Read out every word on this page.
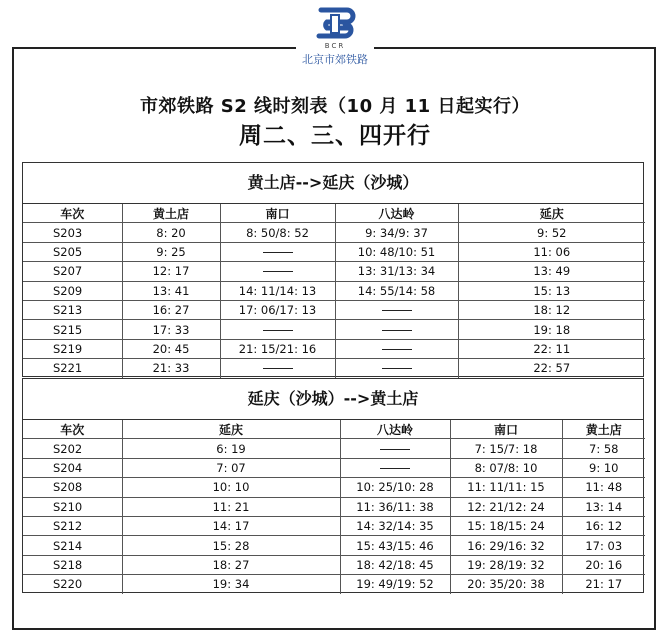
BCR
北京市郊铁路
市郊铁路 S2 线时刻表（10 月 11 日起实行）
周二、三、四开行
黄土店-->延庆（沙城）
车次	黄土店	南口	八达岭	延庆
S203	8: 20	8: 50/8: 52	9: 34/9: 37	9: 52
S205	9: 25		10: 48/10: 51	11: 06
S207	12: 17		13: 31/13: 34	13: 49
S209	13: 41	14: 11/14: 13	14: 55/14: 58	15: 13
S213	16: 27	17: 06/17: 13		18: 12
S215	17: 33			19: 18
S219	20: 45	21: 15/21: 16		22: 11
S221	21: 33			22: 57
延庆（沙城）-->黄土店
车次	延庆	八达岭	南口	黄土店
S202	6: 19		7: 15/7: 18	7: 58
S204	7: 07		8: 07/8: 10	9: 10
S208	10: 10	10: 25/10: 28	11: 11/11: 15	11: 48
S210	11: 21	11: 36/11: 38	12: 21/12: 24	13: 14
S212	14: 17	14: 32/14: 35	15: 18/15: 24	16: 12
S214	15: 28	15: 43/15: 46	16: 29/16: 32	17: 03
S218	18: 27	18: 42/18: 45	19: 28/19: 32	20: 16
S220	19: 34	19: 49/19: 52	20: 35/20: 38	21: 17
